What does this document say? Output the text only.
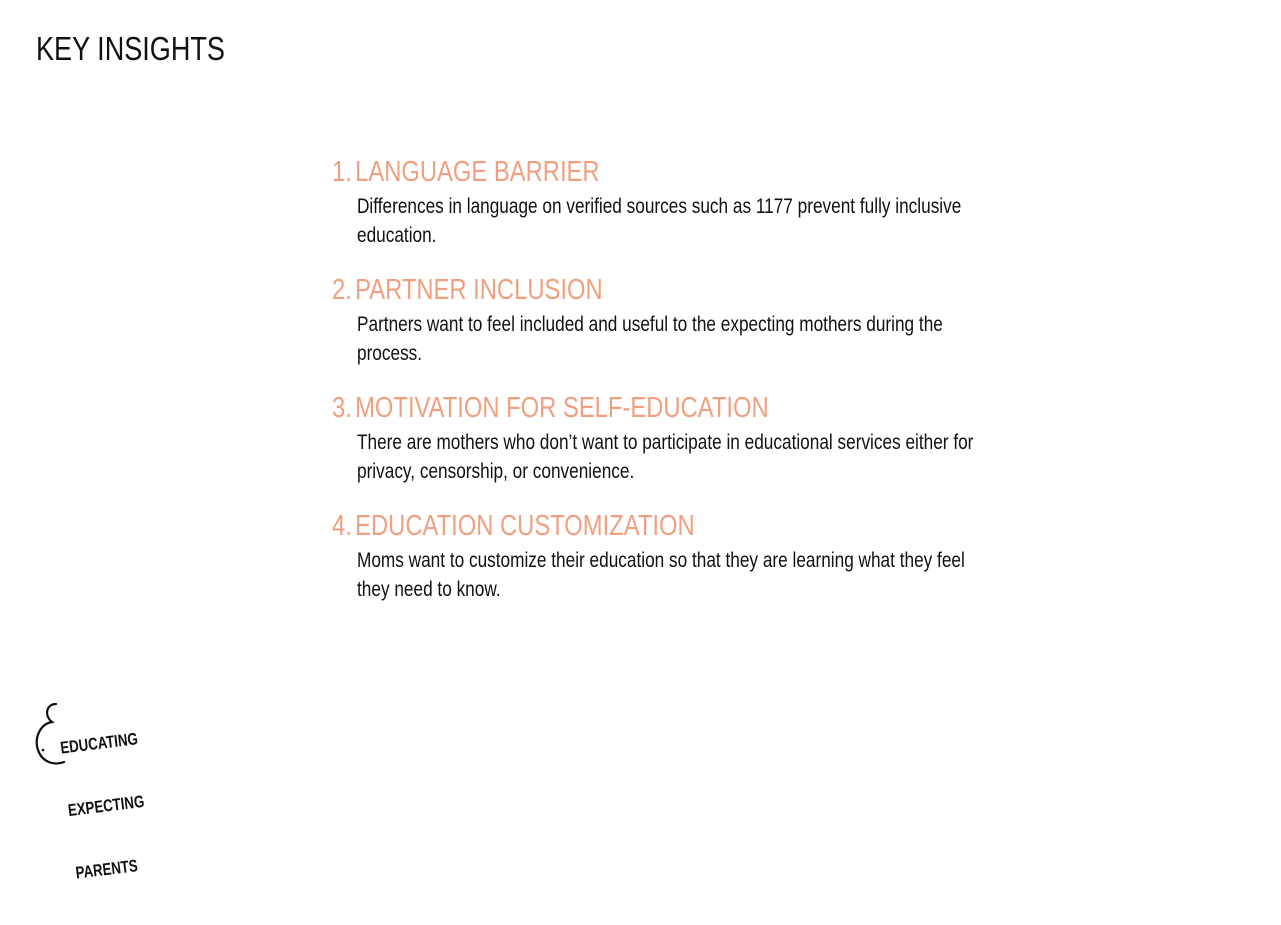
KEY INSIGHTS
1. LANGUAGE BARRIER
Differences in language on verified sources such as 1177 prevent fully inclusive education.
2. PARTNER INCLUSION
Partners want to feel included and useful to the expecting mothers during the process.
3. MOTIVATION FOR SELF-EDUCATION
There are mothers who don’t want to participate in educational services either for privacy, censorship, or convenience.
4. EDUCATION CUSTOMIZATION
Moms want to customize their education so that they are learning what they feel they need to know.

EDUCATING

EXPECTING

PARENTS
